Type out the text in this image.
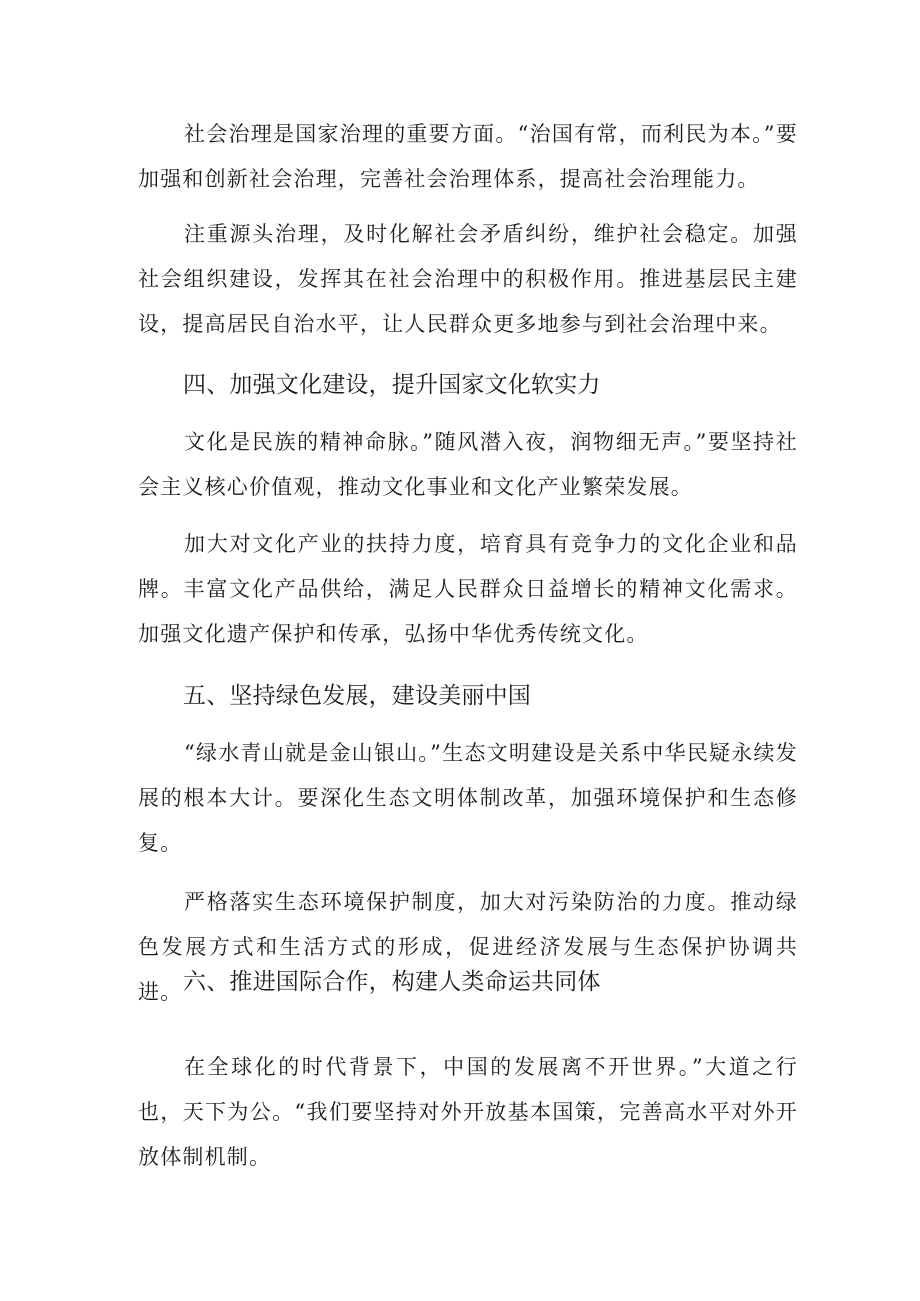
社会治理是国家治理的重要方面。“治国有常，而利民为本。”要加强和创新社会治理，完善社会治理体系，提高社会治理能力。

注重源头治理，及时化解社会矛盾纠纷，维护社会稳定。加强社会组织建设，发挥其在社会治理中的积极作用。推进基层民主建设，提高居民自治水平，让人民群众更多地参与到社会治理中来。

四、加强文化建设，提升国家文化软实力

文化是民族的精神命脉。”随风潜入夜，润物细无声。”要坚持社会主义核心价值观，推动文化事业和文化产业繁荣发展。

加大对文化产业的扶持力度，培育具有竞争力的文化企业和品牌。丰富文化产品供给，满足人民群众日益增长的精神文化需求。加强文化遗产保护和传承，弘扬中华优秀传统文化。

五、坚持绿色发展，建设美丽中国

“绿水青山就是金山银山。”生态文明建设是关系中华民疑永续发展的根本大计。要深化生态文明体制改革，加强环境保护和生态修复。

严格落实生态环境保护制度，加大对污染防治的力度。推动绿色发展方式和生活方式的形成，促进经济发展与生态保护协调共进。 六、推进国际合作，构建人类命运共同体

在全球化的时代背景下，中国的发展离不开世界。”大道之行也，天下为公。“我们要坚持对外开放基本国策，完善高水平对外开放体制机制。
